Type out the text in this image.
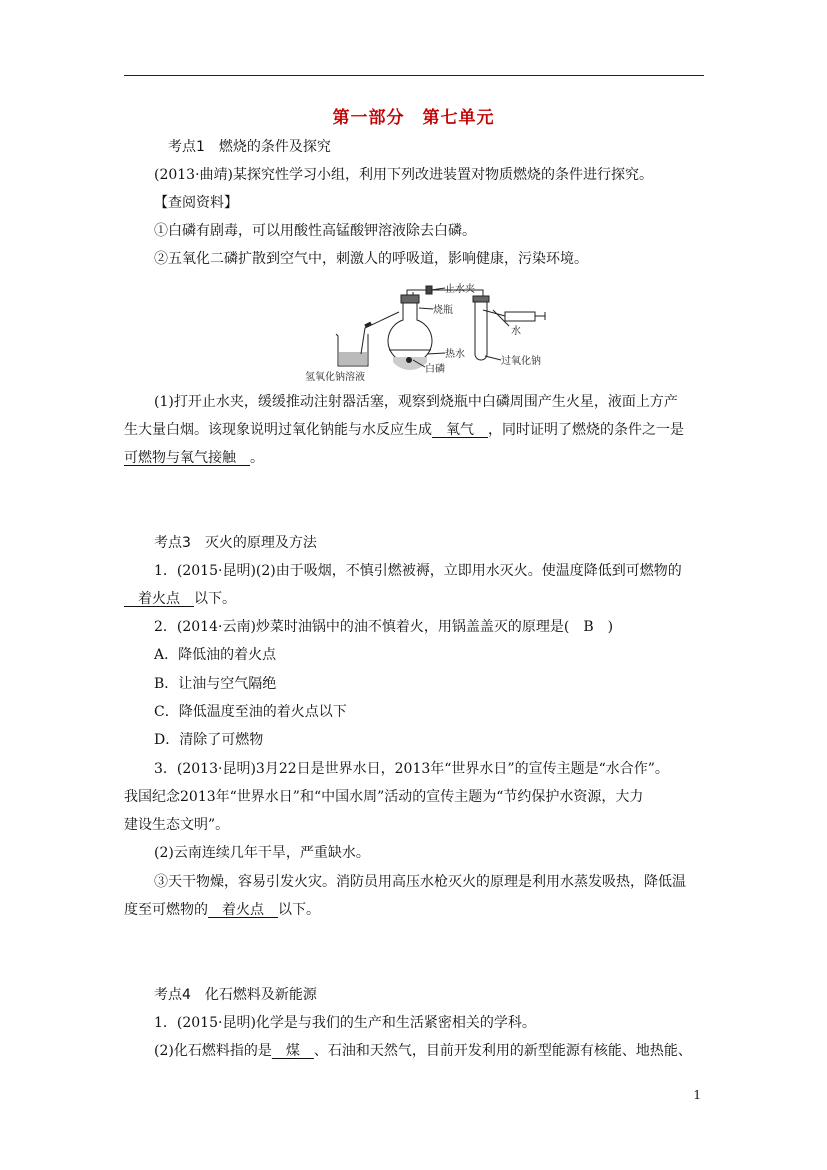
第一部分　第七单元
考点1　燃烧的条件及探究
(2013·曲靖)某探究性学习小组，利用下列改进装置对物质燃烧的条件进行探究。
【查阅资料】
①白磷有剧毒，可以用酸性高锰酸钾溶液除去白磷。
②五氧化二磷扩散到空气中，刺激人的呼吸道，影响健康，污染环境。
止水夹
烧瓶
热水
白磷
水
过氧化钠
氢氧化钠溶液
(1)打开止水夹，缓缓推动注射器活塞，观察到烧瓶中白磷周围产生火星，液面上方产
生大量白烟。该现象说明过氧化钠能与水反应生成　氧气　，同时证明了燃烧的条件之一是
可燃物与氧气接触　。
考点3　灭火的原理及方法
1．(2015·昆明)(2)由于吸烟，不慎引燃被褥，立即用水灭火。使温度降低到可燃物的
　着火点　以下。
2．(2014·云南)炒菜时油锅中的油不慎着火，用锅盖盖灭的原理是(　B　)
A．降低油的着火点
B．让油与空气隔绝
C．降低温度至油的着火点以下
D．清除了可燃物
3．(2013·昆明)3月22日是世界水日，2013年“世界水日”的宣传主题是“水合作”。
我国纪念2013年“世界水日”和“中国水周”活动的宣传主题为“节约保护水资源，大力
建设生态文明”。
(2)云南连续几年干旱，严重缺水。
③天干物燥，容易引发火灾。消防员用高压水枪灭火的原理是利用水蒸发吸热，降低温
度至可燃物的　着火点　以下。
考点4　化石燃料及新能源
1．(2015·昆明)化学是与我们的生产和生活紧密相关的学科。
(2)化石燃料指的是　煤　、石油和天然气，目前开发利用的新型能源有核能、地热能、
1
